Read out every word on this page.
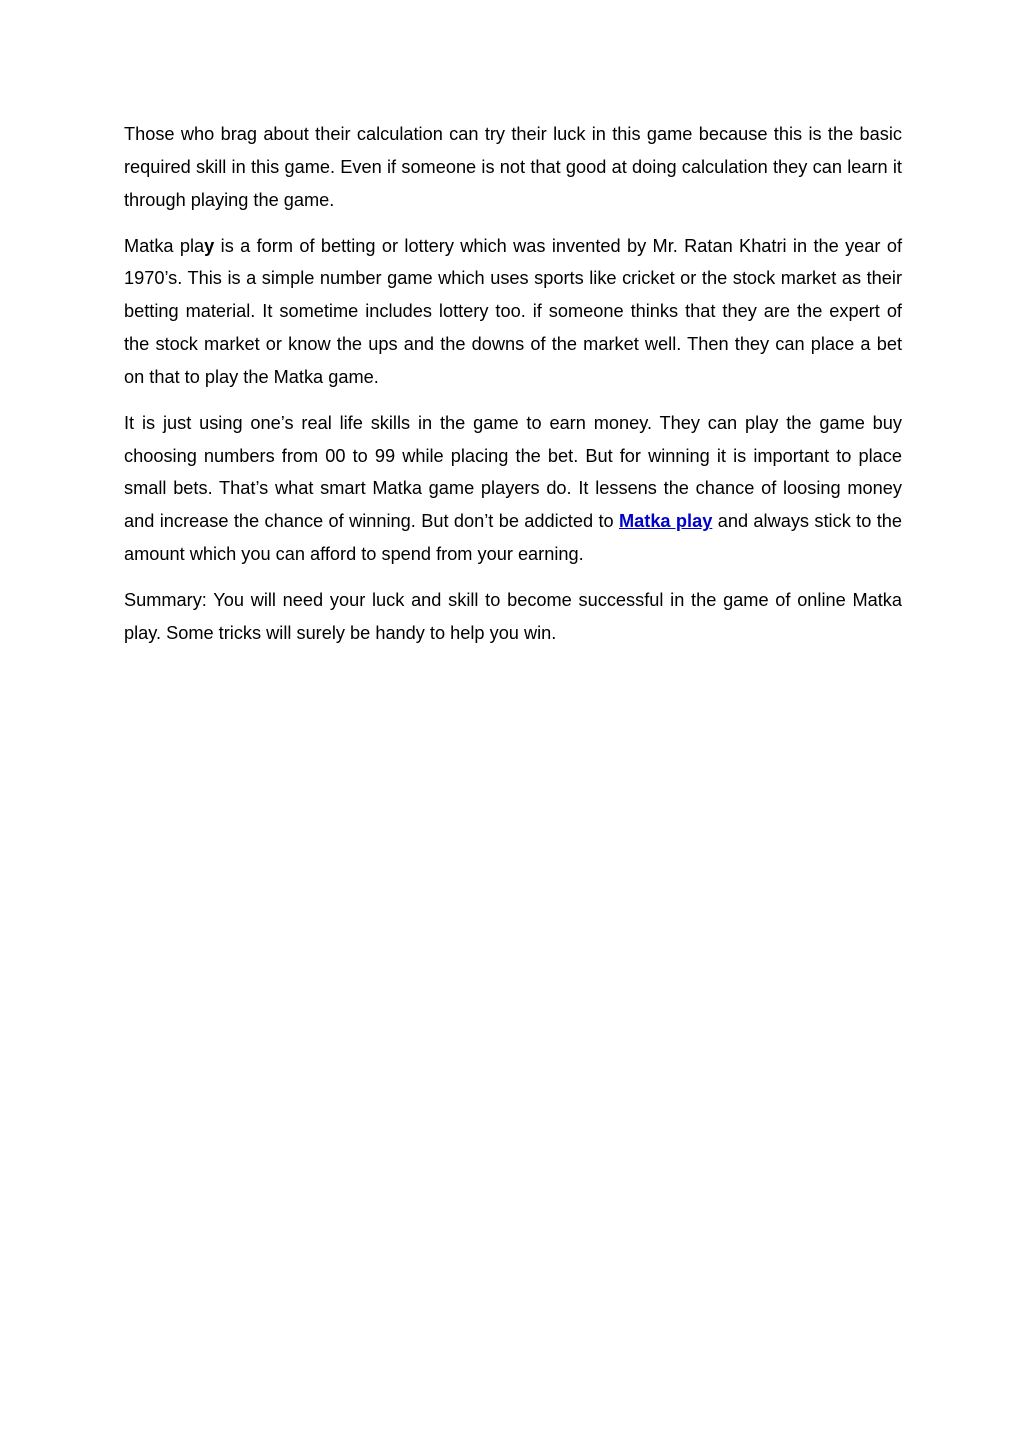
Those who brag about their calculation can try their luck in this game because this is the basic required skill in this game. Even if someone is not that good at doing calculation they can learn it through playing the game.

Matka play is a form of betting or lottery which was invented by Mr. Ratan Khatri in the year of 1970’s. This is a simple number game which uses sports like cricket or the stock market as their betting material. It sometime includes lottery too. if someone thinks that they are the expert of the stock market or know the ups and the downs of the market well. Then they can place a bet on that to play the Matka game.

It is just using one’s real life skills in the game to earn money. They can play the game buy choosing numbers from 00 to 99 while placing the bet. But for winning it is important to place small bets. That’s what smart Matka game players do. It lessens the chance of loosing money and increase the chance of winning. But don’t be addicted to Matka play and always stick to the amount which you can afford to spend from your earning.

Summary: You will need your luck and skill to become successful in the game of online Matka play. Some tricks will surely be handy to help you win.
